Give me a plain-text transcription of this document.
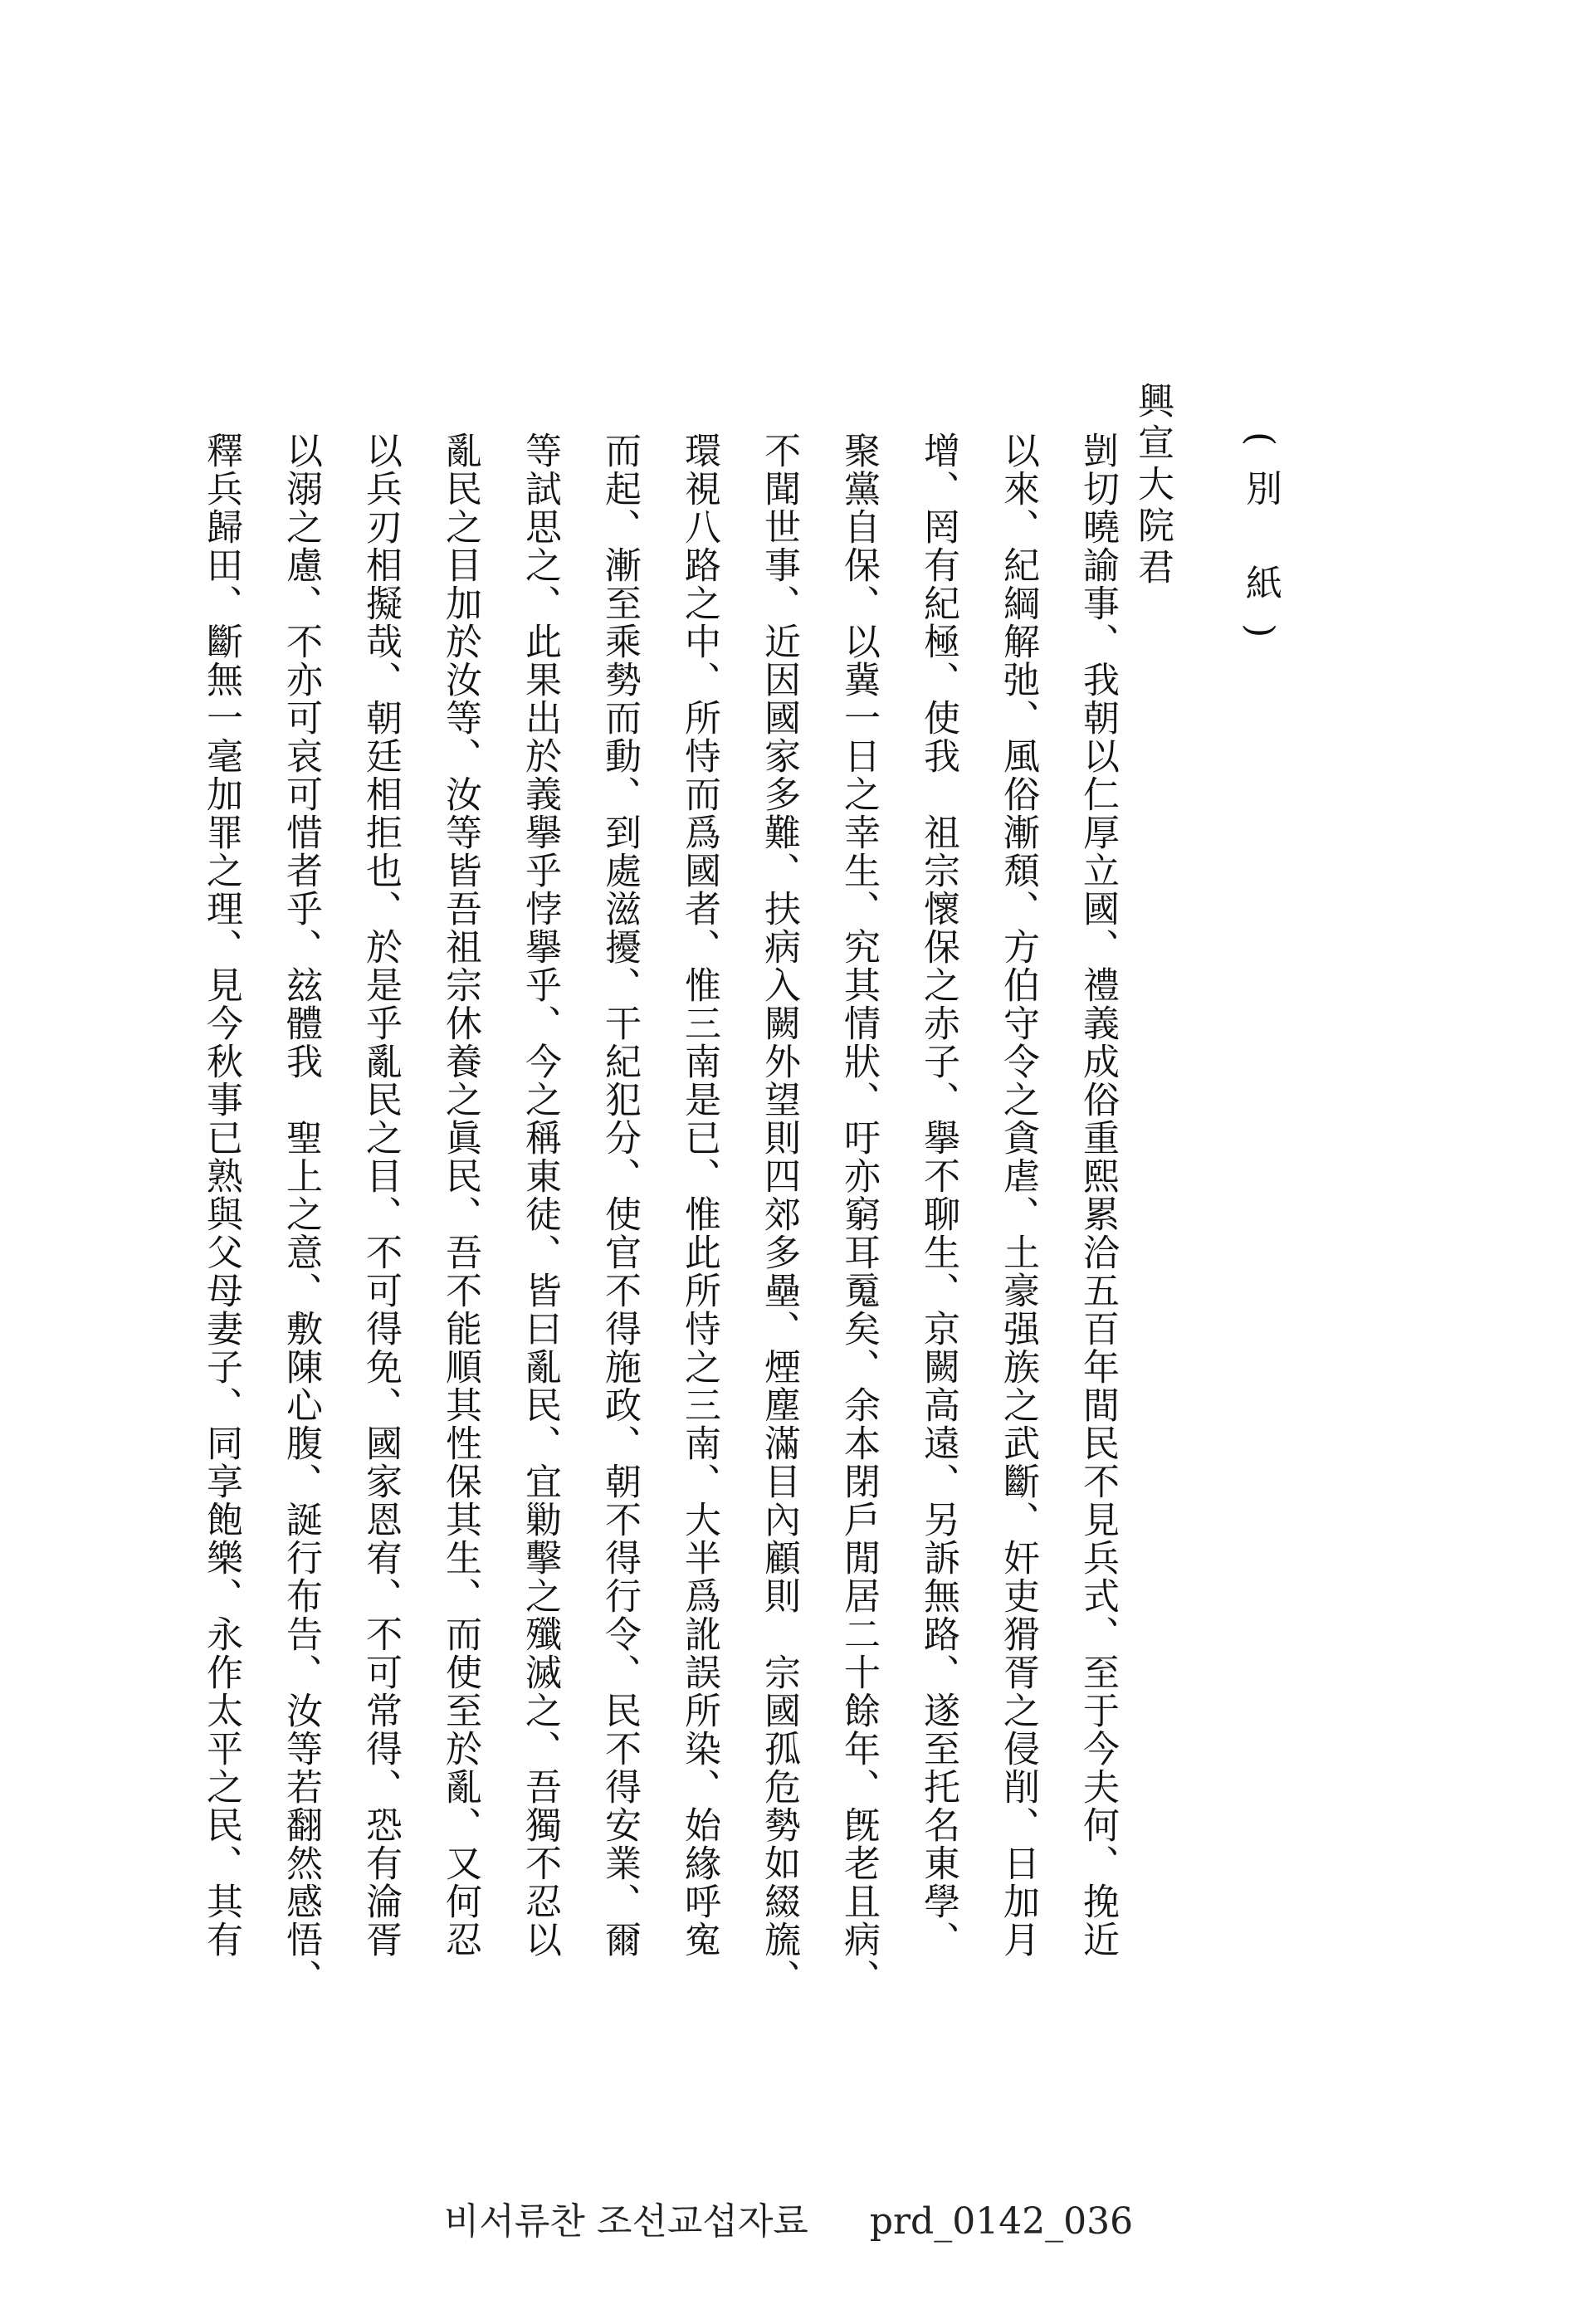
(別 紙)
興宣大院君
剴切曉諭事、我朝以仁厚立國、禮義成俗重熙累洽五百年間民不見兵式、至于今夫何、挽近
以來、紀綱解弛、風俗漸頹、方伯守令之貪虐、土豪强族之武斷、奸吏猾胥之侵削、日加月
增、罔有紀極、使我　祖宗懷保之赤子、擧不聊生、京闕高遠、另訴無路、遂至托名東學、
聚黨自保、以冀一日之幸生、究其情狀、吁亦窮耳䰟矣、余本閉戶閒居二十餘年、旣老且病、
不聞世事、近因國家多難、扶病入闕外望則四郊多壘、煙塵滿目內顧則　宗國孤危勢如綴旒、
環視八路之中、所恃而爲國者、惟三南是已、惟此所恃之三南、大半爲訛誤所染、始緣呼寃
而起、漸至乘勢而動、到處滋擾、干紀犯分、使官不得施政、朝不得行令、民不得安業、爾
等試思之、此果出於義擧乎悖擧乎、今之稱東徒、皆曰亂民、宜勦擊之殲滅之、吾獨不忍以
亂民之目加於汝等、汝等皆吾祖宗休養之眞民、吾不能順其性保其生、而使至於亂、又何忍
以兵刃相擬哉、朝廷相拒也、於是乎亂民之目、不可得免、國家恩宥、不可常得、恐有淪胥
以溺之慮、不亦可哀可惜者乎、玆體我　聖上之意、敷陳心腹、誕行布告、汝等若翻然感悟、
釋兵歸田、斷無一毫加罪之理、見今秋事已熟與父母妻子、同享飽樂、永作太平之民、其有
비서류찬 조선교섭자료 prd_0142_036
